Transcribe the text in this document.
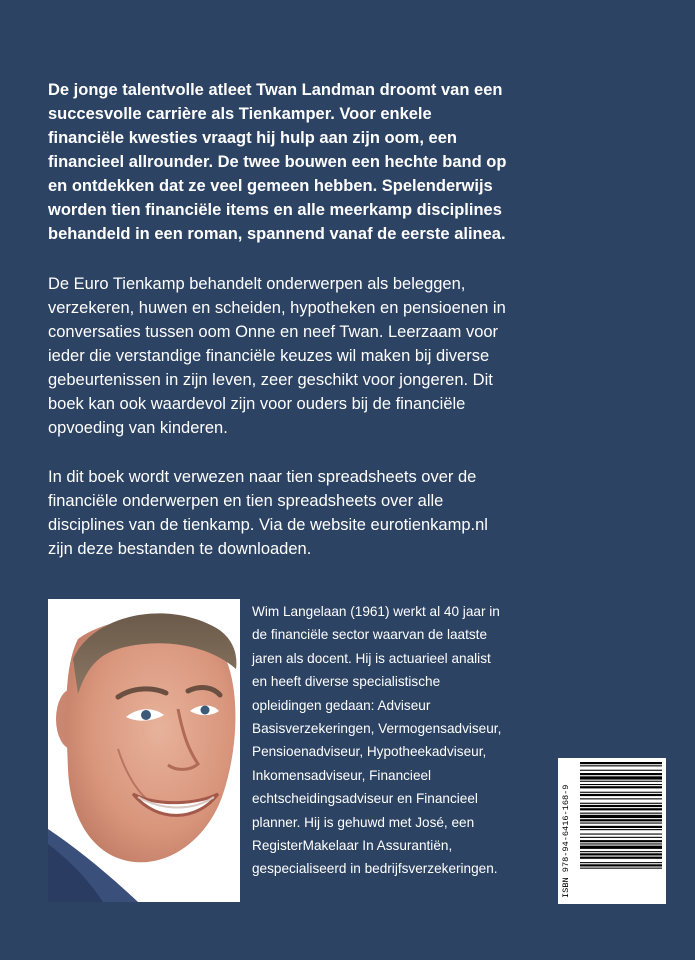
De jonge talentvolle atleet Twan Landman droomt van een
succesvolle carrière als Tienkamper. Voor enkele
financiële kwesties vraagt hij hulp aan zijn oom, een
financieel allrounder. De twee bouwen een hechte band op
en ontdekken dat ze veel gemeen hebben. Spelenderwijs
worden tien financiële items en alle meerkamp disciplines
behandeld in een roman, spannend vanaf de eerste alinea.

De Euro Tienkamp behandelt onderwerpen als beleggen,
verzekeren, huwen en scheiden, hypotheken en pensioenen in
conversaties tussen oom Onne en neef Twan. Leerzaam voor
ieder die verstandige financiële keuzes wil maken bij diverse
gebeurtenissen in zijn leven, zeer geschikt voor jongeren. Dit
boek kan ook waardevol zijn voor ouders bij de financiële
opvoeding van kinderen.

In dit boek wordt verwezen naar tien spreadsheets over de
financiële onderwerpen en tien spreadsheets over alle
disciplines van de tienkamp. Via de website eurotienkamp.nl
zijn deze bestanden te downloaden.

Wim Langelaan (1961) werkt al 40 jaar in
de financiële sector waarvan de laatste
jaren als docent. Hij is actuarieel analist
en heeft diverse specialistische
opleidingen gedaan: Adviseur
Basisverzekeringen, Vermogensadviseur,
Pensioenadviseur, Hypotheekadviseur,
Inkomensadviseur, Financieel
echtscheidingsadviseur en Financieel
planner. Hij is gehuwd met José, een
RegisterMakelaar In Assurantiën,
gespecialiseerd in bedrijfsverzekeringen.	ISBN 978-94-6416-168-9
